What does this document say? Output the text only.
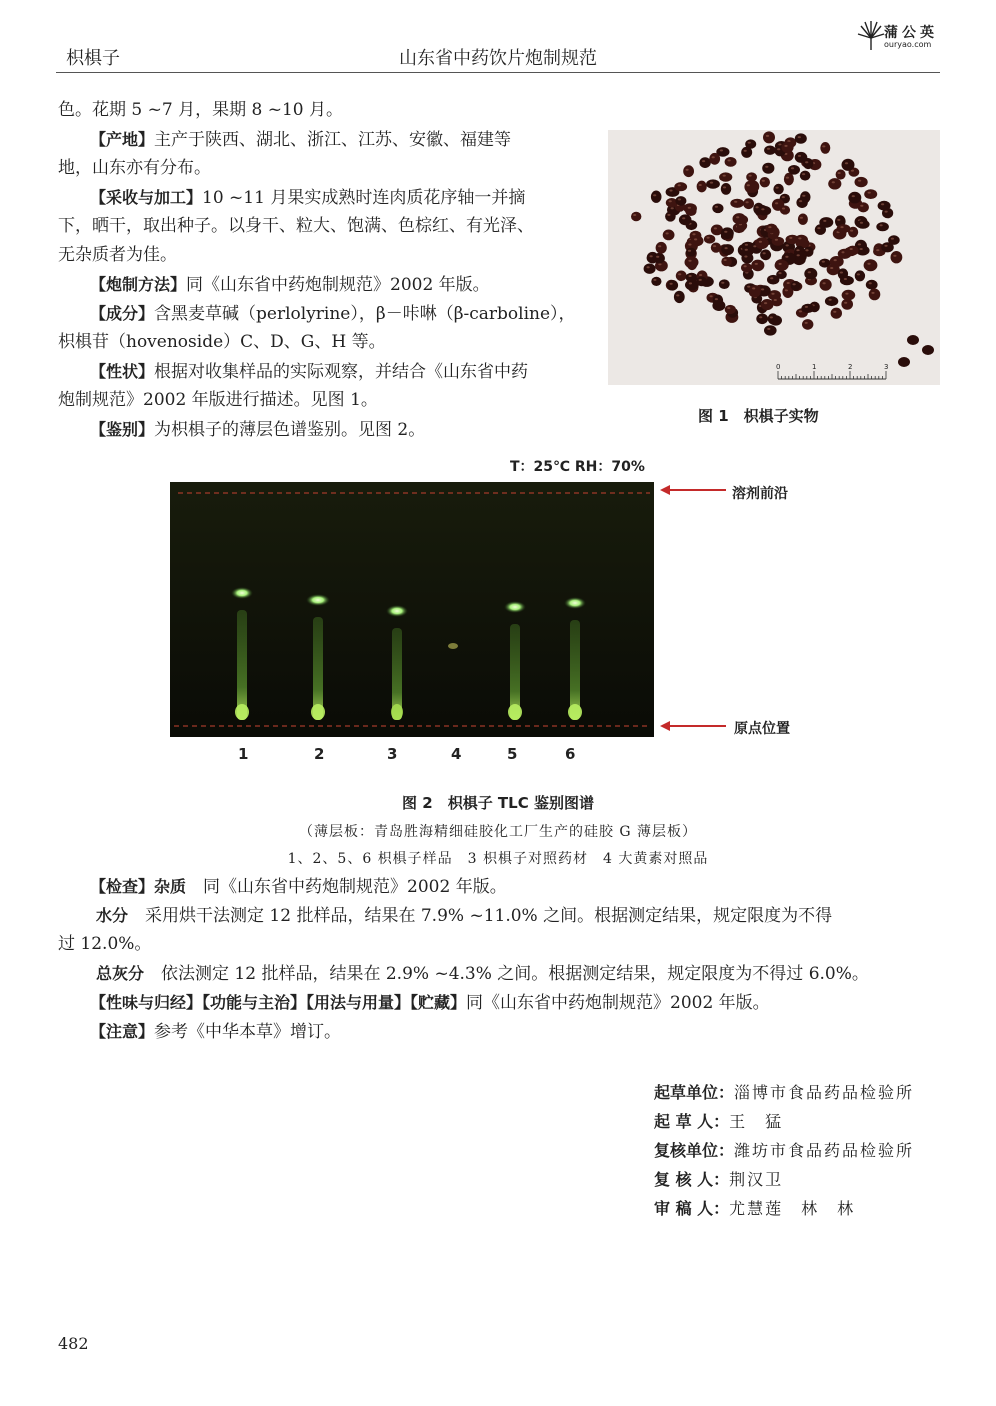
枳椇子	山东省中药饮片炮制规范
蒲公英
ouryao.com
色。花期 5 ~7 月，果期 8 ~10 月。
【产地】主产于陕西、湖北、浙江、江苏、安徽、福建等
地，山东亦有分布。
【采收与加工】10 ~11 月果实成熟时连肉质花序轴一并摘
下，晒干，取出种子。以身干、粒大、饱满、色棕红、有光泽、
无杂质者为佳。
【炮制方法】同《山东省中药炮制规范》2002 年版。
【成分】含黑麦草碱（perlolyrine），β－咔啉（β-carboline），
枳椇苷（hovenoside）C、D、G、H 等。
【性状】根据对收集样品的实际观察，并结合《山东省中药
炮制规范》2002 年版进行描述。见图 1。
【鉴别】为枳椇子的薄层色谱鉴别。见图 2。
0	1	2	3
图 1　枳椇子实物
T：25℃ RH：70%
溶剂前沿
原点位置
1	2	3	4	5	6
图 2　枳椇子 TLC 鉴别图谱
（薄层板：青岛胜海精细硅胶化工厂生产的硅胶 G 薄层板）
1、2、5、6 枳椇子样品　3 枳椇子对照药材　4 大黄素对照品
【检查】杂质　 同《山东省中药炮制规范》2002 年版。
水分　 采用烘干法测定 12 批样品，结果在 7.9% ~11.0% 之间。根据测定结果，规定限度为不得
过 12.0%。
总灰分　 依法测定 12 批样品，结果在 2.9% ~4.3% 之间。根据测定结果，规定限度为不得过 6.0%。
【性味与归经】【功能与主治】【用法与用量】【贮藏】同《山东省中药炮制规范》2002 年版。
【注意】参考《中华本草》增订。
起草单位：淄博市食品药品检验所
起 草 人：王　猛
复核单位：潍坊市食品药品检验所
复 核 人：荆汉卫
审 稿 人：尤慧莲　林　林
482
